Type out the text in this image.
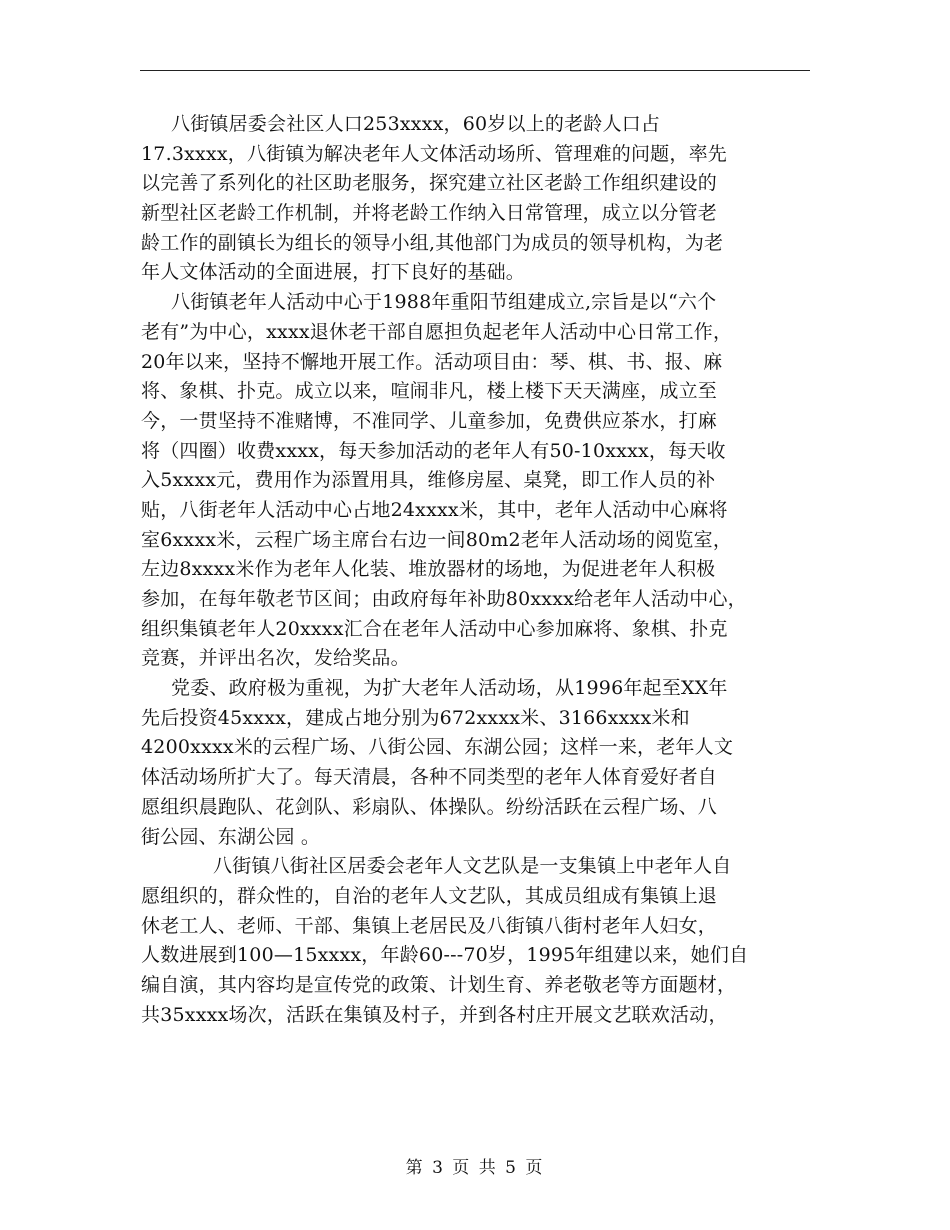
八街镇居委会社区人口253xxxx，60岁以上的老龄人口占
17.3xxxx，八街镇为解决老年人文体活动场所、管理难的问题，率先
以完善了系列化的社区助老服务，探究建立社区老龄工作组织建设的
新型社区老龄工作机制，并将老龄工作纳入日常管理，成立以分管老
龄工作的副镇长为组长的领导小组,其他部门为成员的领导机构，为老
年人文体活动的全面进展，打下良好的基础。
八街镇老年人活动中心于1988年重阳节组建成立,宗旨是以“六个
老有”为中心，xxxx退休老干部自愿担负起老年人活动中心日常工作，
20年以来，坚持不懈地开展工作。活动项目由：琴、棋、书、报、麻
将、象棋、扑克。成立以来，喧闹非凡，楼上楼下天天满座，成立至
今，一贯坚持不准赌博，不准同学、儿童参加，免费供应茶水，打麻
将（四圈）收费xxxx，每天参加活动的老年人有50-10xxxx，每天收
入5xxxx元，费用作为添置用具，维修房屋、桌凳，即工作人员的补
贴，八街老年人活动中心占地24xxxx米，其中，老年人活动中心麻将
室6xxxx米，云程广场主席台右边一间80m2老年人活动场的阅览室，
左边8xxxx米作为老年人化装、堆放器材的场地，为促进老年人积极
参加，在每年敬老节区间；由政府每年补助80xxxx给老年人活动中心，
组织集镇老年人20xxxx汇合在老年人活动中心参加麻将、象棋、扑克
竞赛，并评出名次，发给奖品。
党委、政府极为重视，为扩大老年人活动场，从1996年起至XX年
先后投资45xxxx，建成占地分别为672xxxx米、3166xxxx米和
4200xxxx米的云程广场、八街公园、东湖公园；这样一来，老年人文
体活动场所扩大了。每天清晨，各种不同类型的老年人体育爱好者自
愿组织晨跑队、花剑队、彩扇队、体操队。纷纷活跃在云程广场、八
街公园、东湖公园 。
八街镇八街社区居委会老年人文艺队是一支集镇上中老年人自
愿组织的，群众性的，自治的老年人文艺队，其成员组成有集镇上退
休老工人、老师、干部、集镇上老居民及八街镇八街村老年人妇女，
人数进展到100—15xxxx，年龄60---70岁，1995年组建以来，她们自
编自演，其内容均是宣传党的政策、计划生育、养老敬老等方面题材，
共35xxxx场次，活跃在集镇及村子，并到各村庄开展文艺联欢活动，
第 3 页 共 5 页
